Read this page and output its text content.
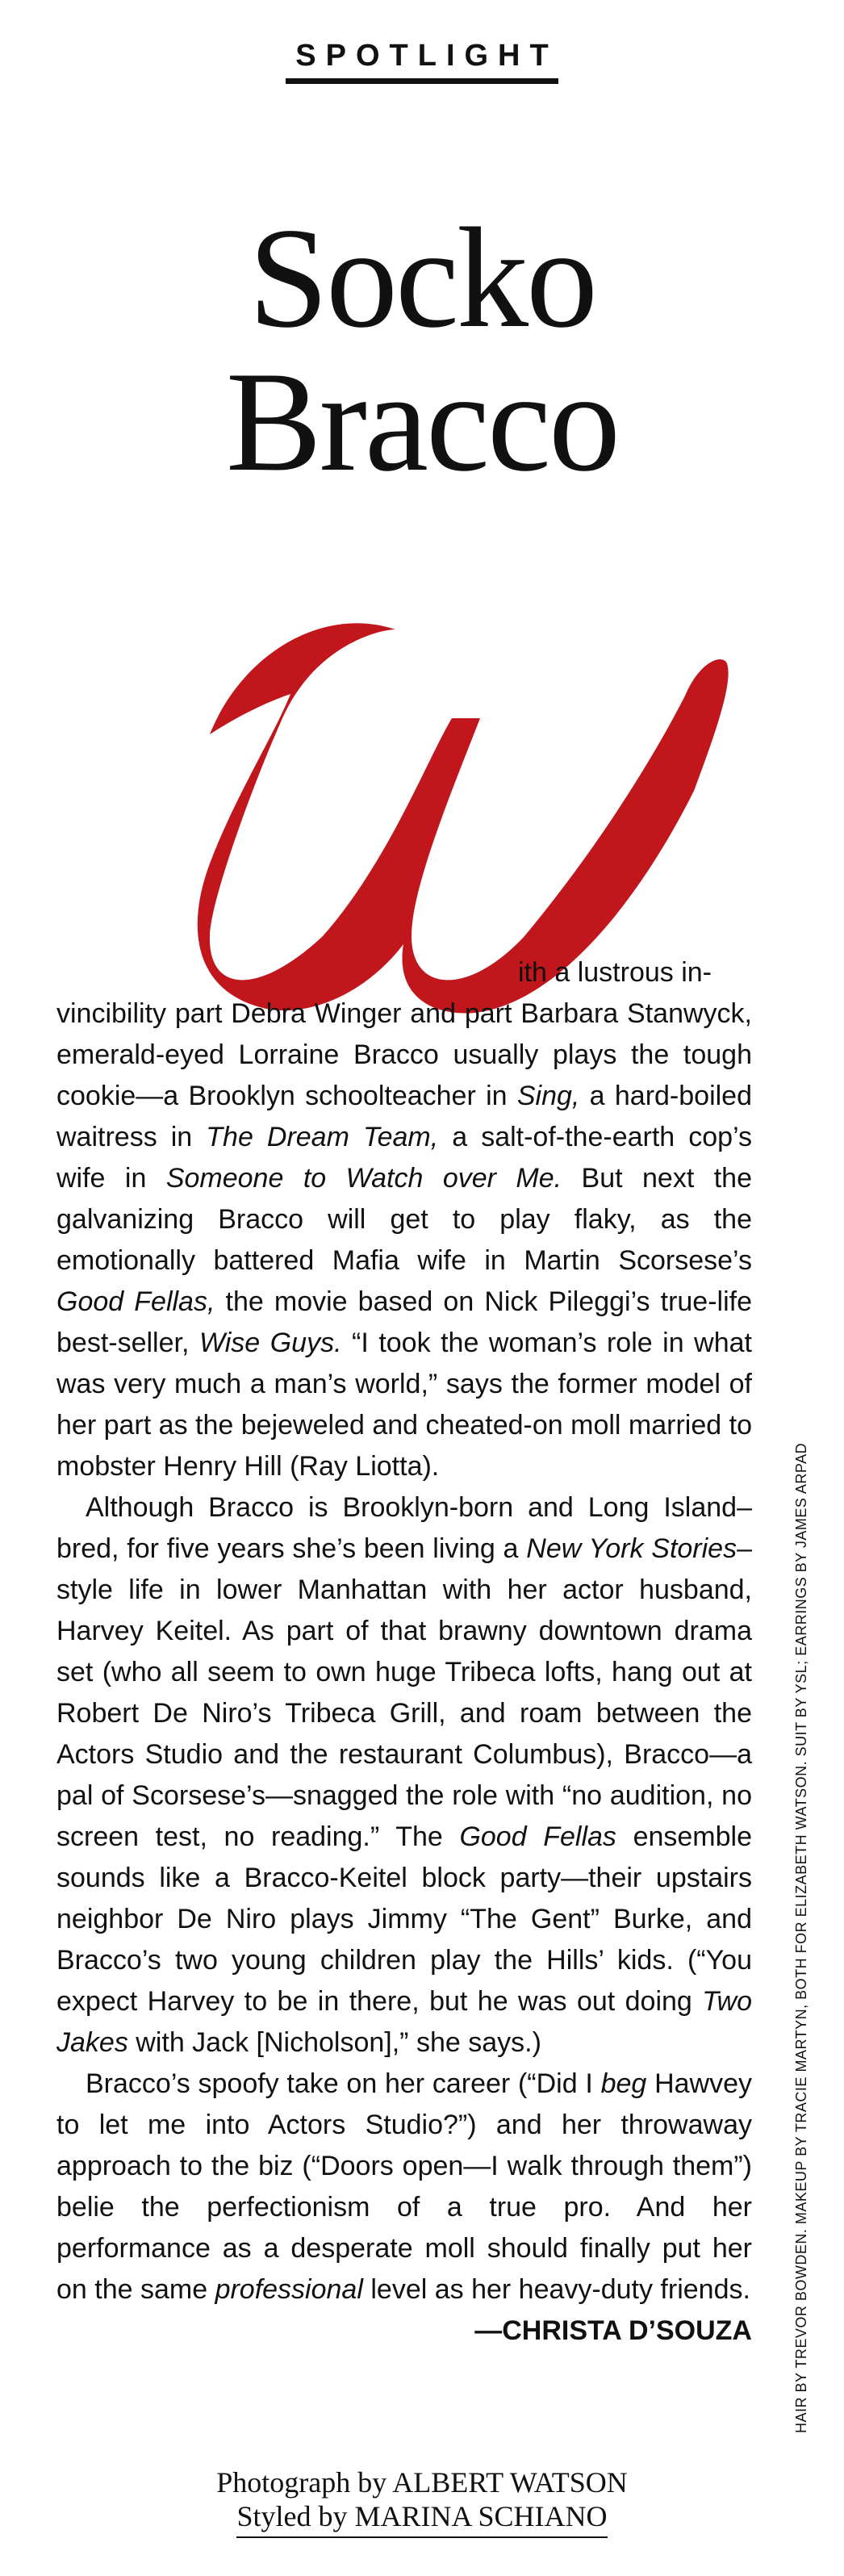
SPOTLIGHT
Socko
Bracco

ith a lustrous in-
vincibility part Debra Winger and part Barbara Stanwyck, emerald-eyed Lorraine Bracco usually plays the tough cookie—a Brooklyn schoolteacher in Sing, a hard-boiled waitress in The Dream Team, a salt-of-the-earth cop’s wife in Someone to Watch over Me. But next the galvanizing Bracco will get to play flaky, as the emotionally battered Mafia wife in Martin Scorsese’s Good Fellas, the movie based on Nick Pileggi’s true-life best-seller, Wise Guys. “I took the woman’s role in what was very much a man’s world,” says the former model of her part as the bejeweled and cheated-on moll married to mobster Henry Hill (Ray Liotta).

Although Bracco is Brooklyn-born and Long Island–bred, for five years she’s been living a New York Stories–style life in lower Manhattan with her actor husband, Harvey Keitel. As part of that brawny downtown drama set (who all seem to own huge Tribeca lofts, hang out at Robert De Niro’s Tribeca Grill, and roam between the Actors Studio and the restaurant Columbus), Bracco—a pal of Scorsese’s—snagged the role with “no audition, no screen test, no reading.” The Good Fellas ensemble sounds like a Bracco-Keitel block party—their upstairs neighbor De Niro plays Jimmy “The Gent” Burke, and Bracco’s two young children play the Hills’ kids. (“You expect Harvey to be in there, but he was out doing Two Jakes with Jack [Nicholson],” she says.)

Bracco’s spoofy take on her career (“Did I beg Hawvey to let me into Actors Studio?”) and her throwaway approach to the biz (“Doors open—I walk through them”) belie the perfectionism of a true pro. And her performance as a desperate moll should finally put her on the same professional level as her heavy-duty friends.
—CHRISTA D’SOUZA	HAIR BY TREVOR BOWDEN. MAKEUP BY TRACIE MARTYN, BOTH FOR ELIZABETH WATSON. SUIT BY YSL; EARRINGS BY JAMES ARPAD
Photograph by ALBERT WATSON
Styled by MARINA SCHIANO
